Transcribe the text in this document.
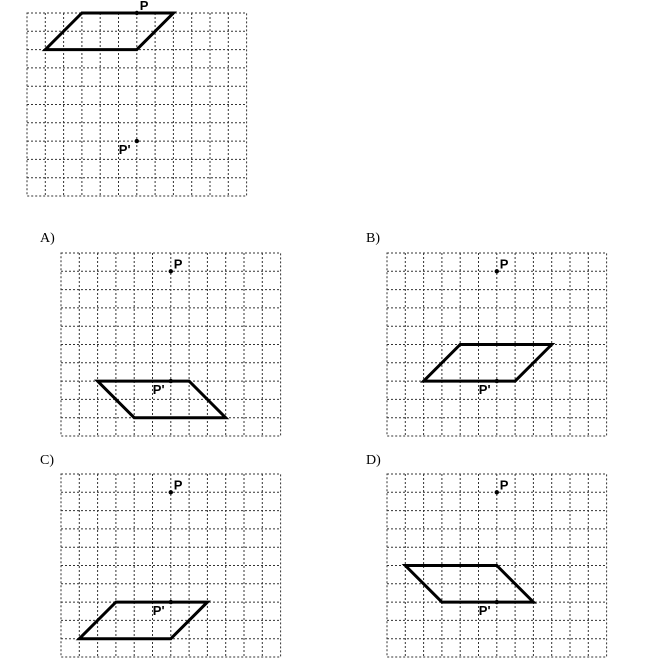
P
P'
A)
P
P'
B)
P
P'
C)
P
P'
D)
P
P'
